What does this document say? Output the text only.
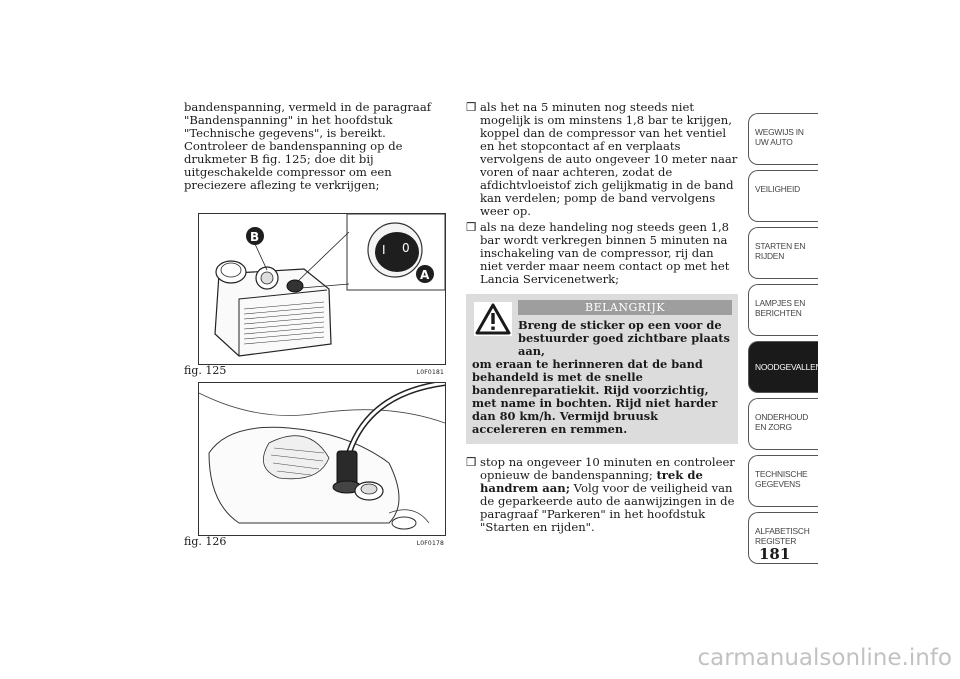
bandenspanning, vermeld in de paragraaf "Bandenspanning" in het hoofdstuk "Technische gegevens", is bereikt. Controleer de bandenspanning op de drukmeter B fig. 125; doe dit bij uitgeschakelde compressor om een preciezere aflezing te verkrijgen;

I 0
B
A
fig. 125	L0F0181
fig. 126	L0F0178

❒ als het na 5 minuten nog steeds niet mogelijk is om minstens 1,8 bar te krijgen, koppel dan de compressor van het ventiel en het stopcontact af en verplaats vervolgens de auto ongeveer 10 meter naar voren of naar achteren, zodat de afdichtvloeistof zich gelijkmatig in de band kan verdelen; pomp de band vervolgens weer op.

❒ als na deze handeling nog steeds geen 1,8 bar wordt verkregen binnen 5 minuten na inschakeling van de compressor, rij dan niet verder maar neem contact op met het Lancia Servicenetwerk;

BELANGRIJK
Breng de sticker op een voor de
bestuurder goed zichtbare plaats aan,
om eraan te herinneren dat de band behandeld is met de snelle bandenreparatiekit. Rijd voorzichtig, met name in bochten. Rijd niet harder dan 80 km/h. Vermijd bruusk accelereren en remmen.

❒ stop na ongeveer 10 minuten en controleer opnieuw de bandenspanning; trek de handrem aan; Volg voor de veiligheid van de geparkeerde auto de aanwijzingen in de paragraaf "Parkeren" in het hoofdstuk "Starten en rijden".

WEGWIJS IN UW AUTO
VEILIGHEID
STARTEN EN RIJDEN
LAMPJES EN BERICHTEN
NOODGEVALLEN
ONDERHOUD EN ZORG
TECHNISCHE GEGEVENS
ALFABETISCH REGISTER
181
carmanualsonline.info
